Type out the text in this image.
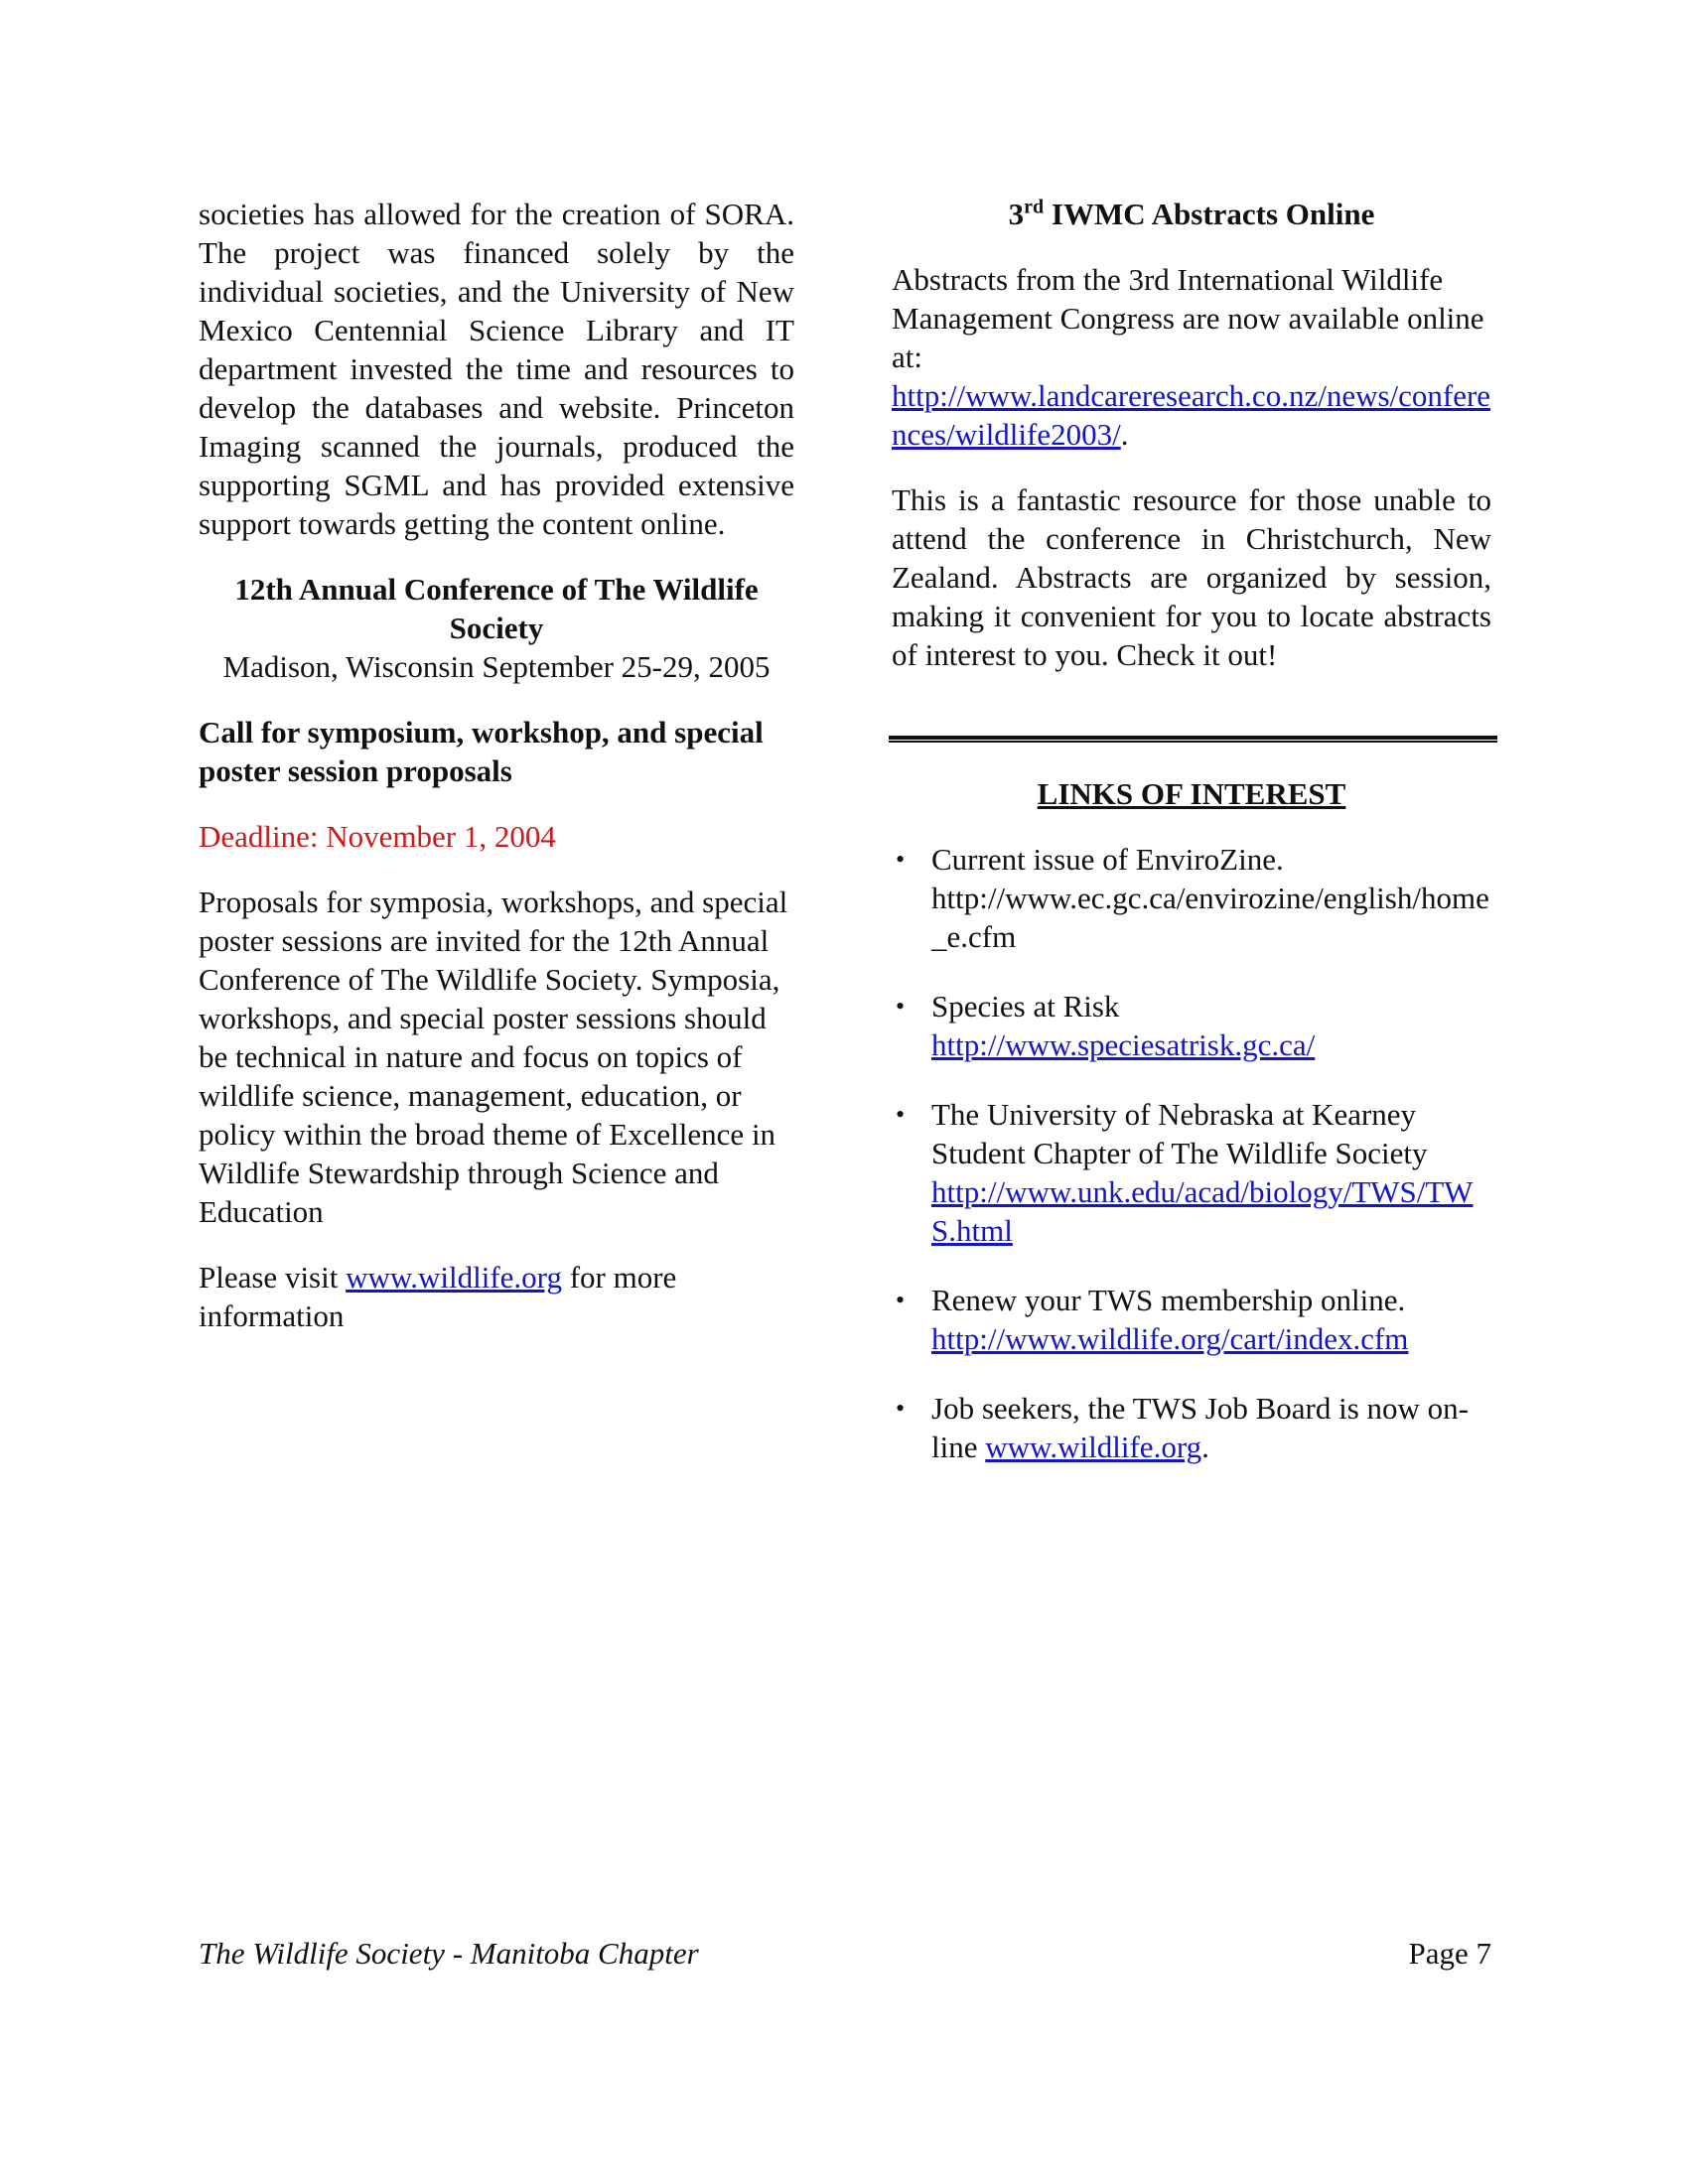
societies has allowed for the creation of SORA. The project was financed solely by the individual societies, and the University of New Mexico Centennial Science Library and IT department invested the time and resources to develop the databases and website. Princeton Imaging scanned the journals, produced the supporting SGML and has provided extensive support towards getting the content online.

12th Annual Conference of The Wildlife Society

Madison, Wisconsin September 25-29, 2005

Call for symposium, workshop, and special poster session proposals

Deadline: November 1, 2004

Proposals for symposia, workshops, and special poster sessions are invited for the 12th Annual Conference of The Wildlife Society. Symposia, workshops, and special poster sessions should be technical in nature and focus on topics of wildlife science, management, education, or policy within the broad theme of Excellence in Wildlife Stewardship through Science and Education

Please visit www.wildlife.org for more information

3rd IWMC Abstracts Online

Abstracts from the 3rd International Wildlife Management Congress are now available online at:
http://www.landcareresearch.co.nz/news/conferences/wildlife2003/.

This is a fantastic resource for those unable to attend the conference in Christchurch, New Zealand. Abstracts are organized by session, making it convenient for you to locate abstracts of interest to you. Check it out!

LINKS OF INTEREST

• Current issue of EnviroZine.
http://www.ec.gc.ca/envirozine/english/home_e.cfm
• Species at Risk
http://www.speciesatrisk.gc.ca/
• The University of Nebraska at Kearney Student Chapter of The Wildlife Society
http://www.unk.edu/acad/biology/TWS/TWS.html
• Renew your TWS membership online.
http://www.wildlife.org/cart/index.cfm
• Job seekers, the TWS Job Board is now on-line www.wildlife.org.
The Wildlife Society - Manitoba Chapter	Page 7
